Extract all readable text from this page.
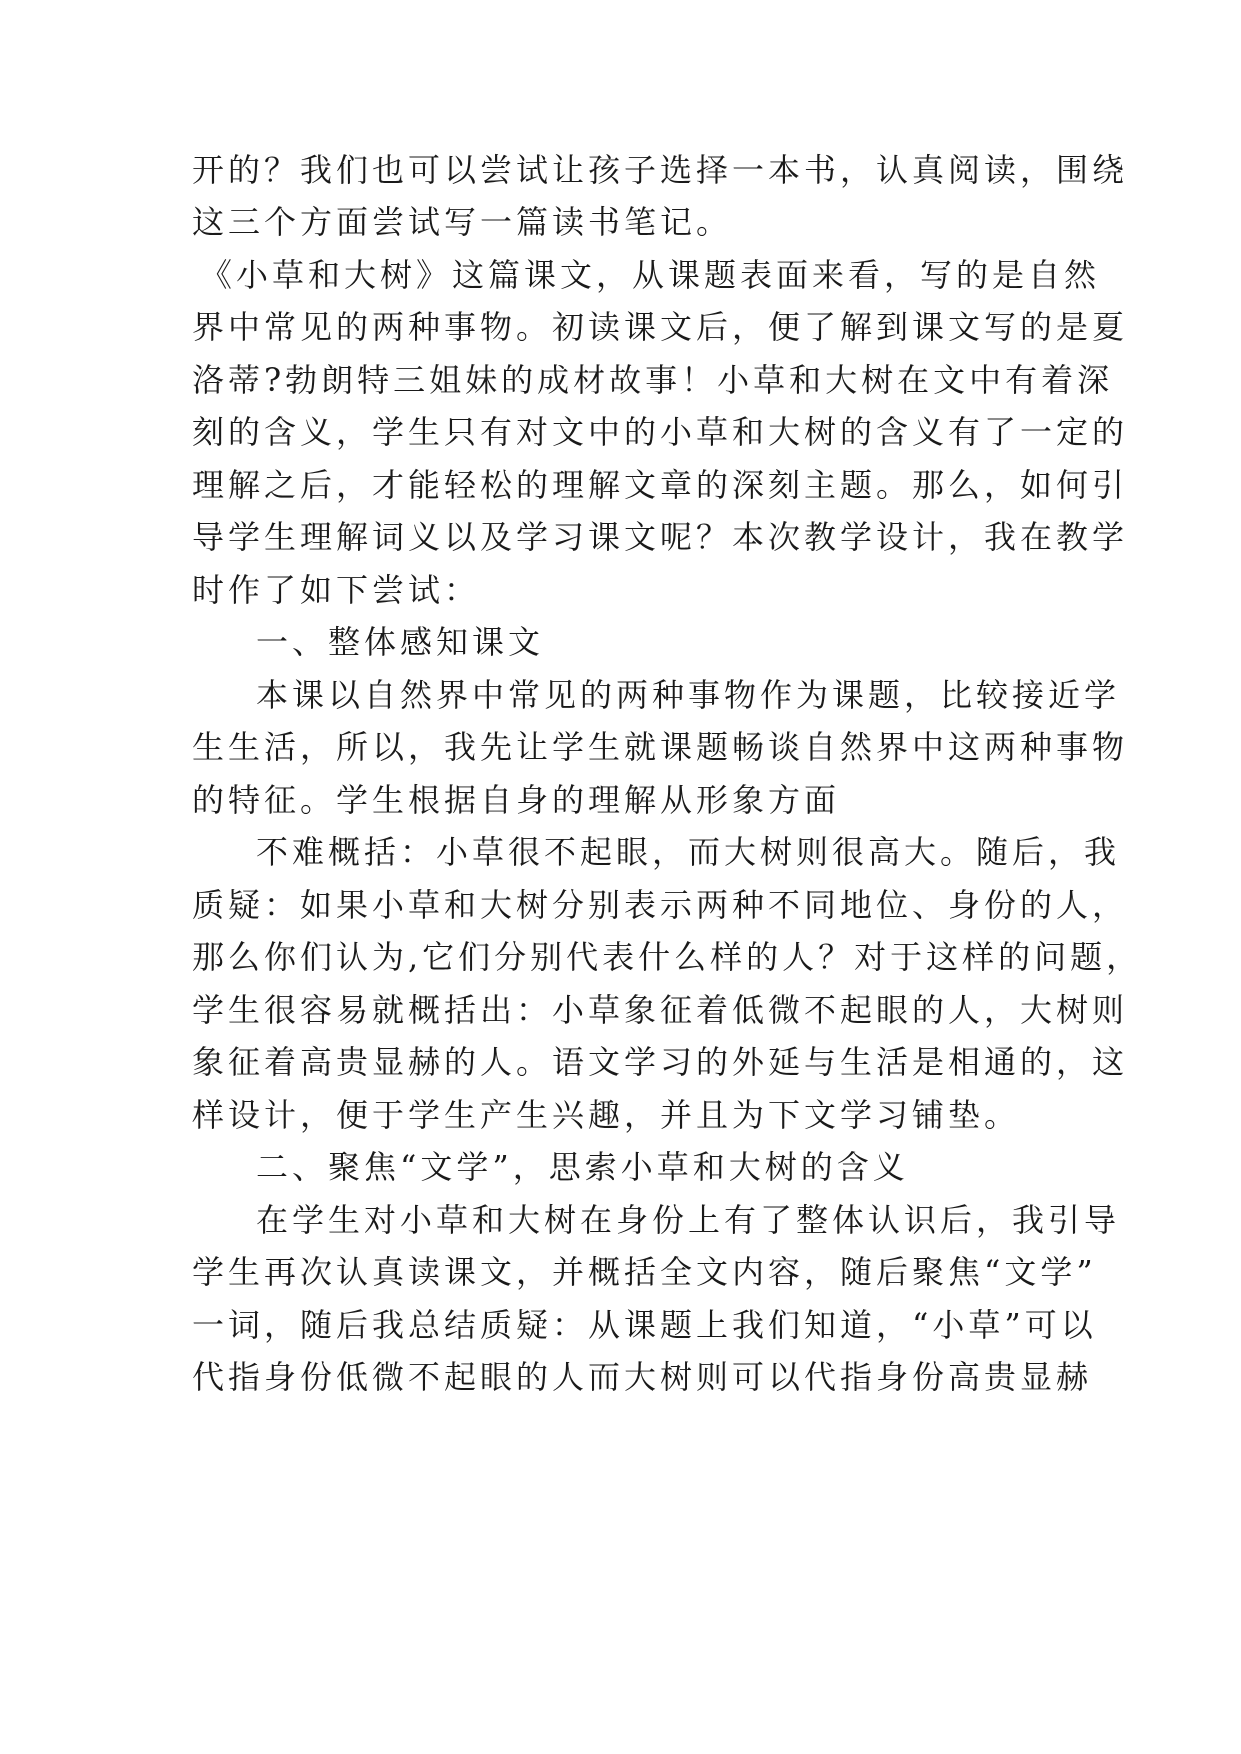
开的？我们也可以尝试让孩子选择一本书，认真阅读，围绕
这三个方面尝试写一篇读书笔记。
《小草和大树》这篇课文，从课题表面来看，写的是自然
界中常见的两种事物。初读课文后，便了解到课文写的是夏
洛蒂?勃朗特三姐妹的成材故事！小草和大树在文中有着深
刻的含义，学生只有对文中的小草和大树的含义有了一定的
理解之后，才能轻松的理解文章的深刻主题。那么，如何引
导学生理解词义以及学习课文呢？本次教学设计，我在教学
时作了如下尝试：
一、整体感知课文
本课以自然界中常见的两种事物作为课题，比较接近学
生生活，所以，我先让学生就课题畅谈自然界中这两种事物
的特征。学生根据自身的理解从形象方面
不难概括：小草很不起眼，而大树则很高大。随后，我
质疑：如果小草和大树分别表示两种不同地位、身份的人，
那么你们认为,它们分别代表什么样的人？对于这样的问题，
学生很容易就概括出：小草象征着低微不起眼的人，大树则
象征着高贵显赫的人。语文学习的外延与生活是相通的，这
样设计，便于学生产生兴趣，并且为下文学习铺垫。
二、聚焦“文学”，思索小草和大树的含义
在学生对小草和大树在身份上有了整体认识后，我引导
学生再次认真读课文，并概括全文内容，随后聚焦“文学”
一词，随后我总结质疑：从课题上我们知道，“小草”可以
代指身份低微不起眼的人而大树则可以代指身份高贵显赫
